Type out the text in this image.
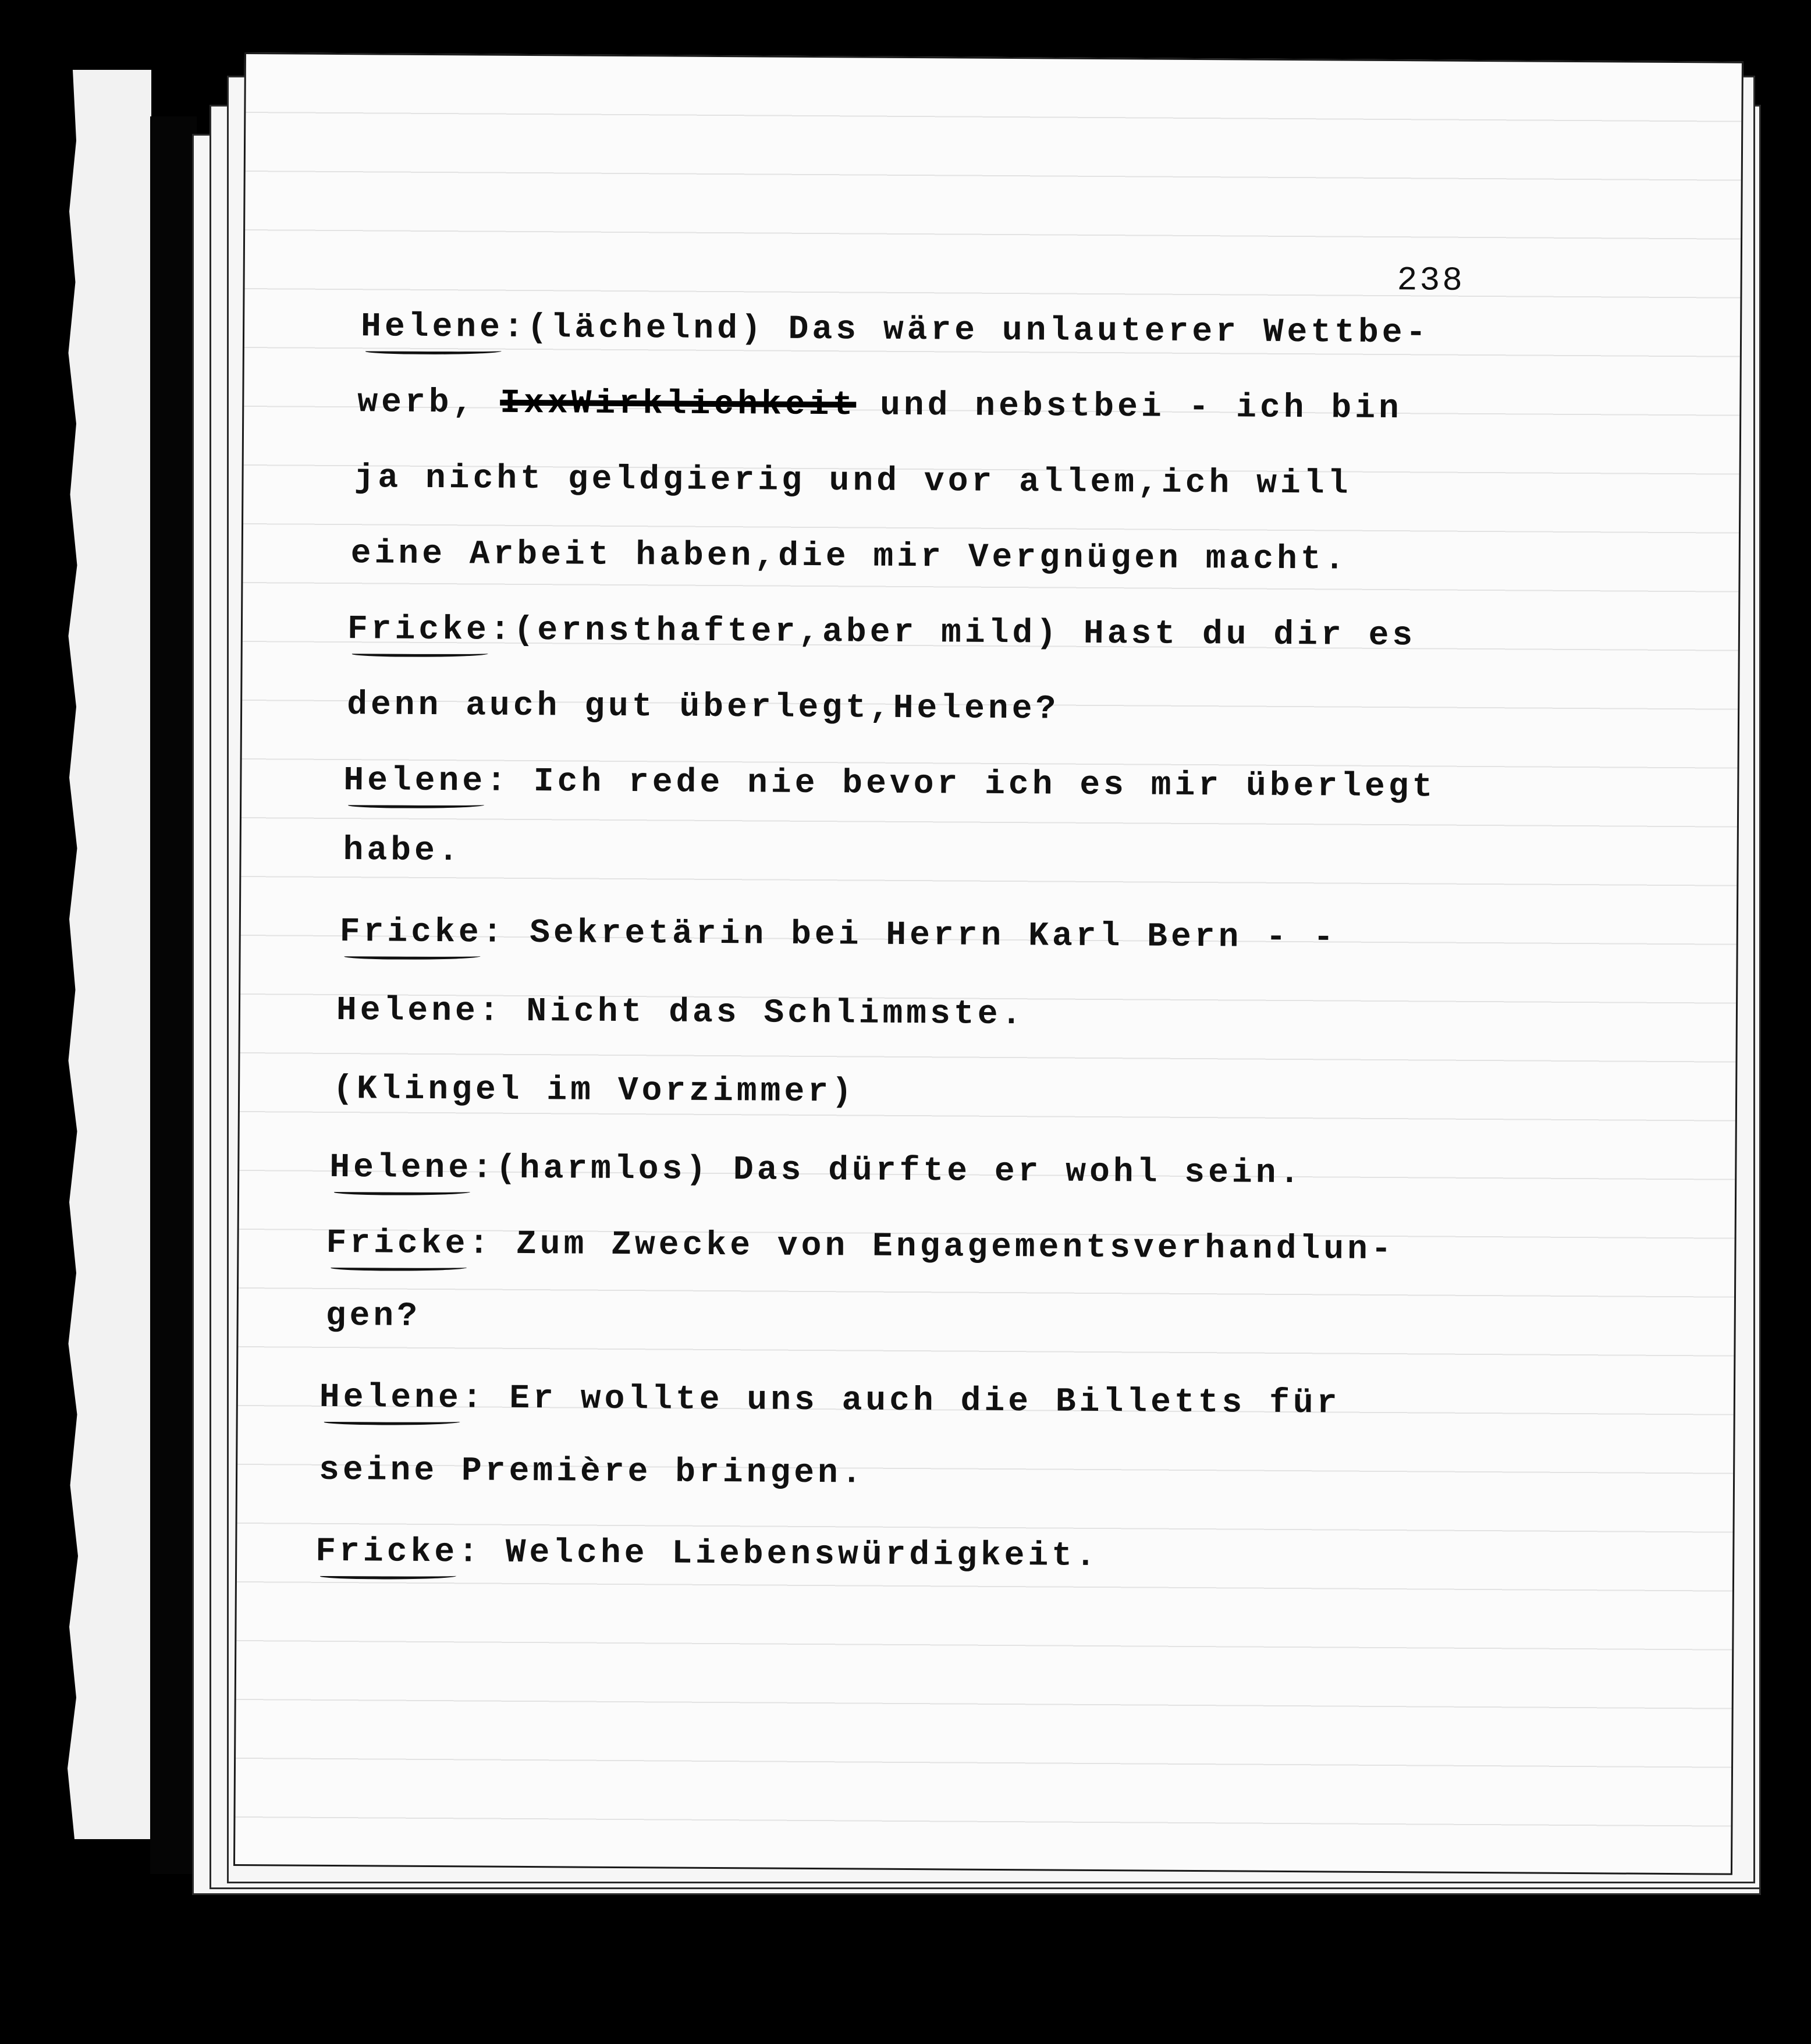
238
Helene:(lächelnd) Das wäre unlauterer Wettbe-
werb, IxxWirklichkeit und nebstbei - ich bin
ja nicht geldgierig und vor allem,ich will
eine Arbeit haben,die mir Vergnügen macht.
Fricke:(ernsthafter,aber mild) Hast du dir es
denn auch gut überlegt,Helene?
Helene: Ich rede nie bevor ich es mir überlegt
habe.
Fricke: Sekretärin bei Herrn Karl Bern - -
Helene: Nicht das Schlimmste.
(Klingel im Vorzimmer)
Helene:(harmlos) Das dürfte er wohl sein.
Fricke: Zum Zwecke von Engagementsverhandlun-
gen?
Helene: Er wollte uns auch die Billetts für
seine Première bringen.
Fricke: Welche Liebenswürdigkeit.
